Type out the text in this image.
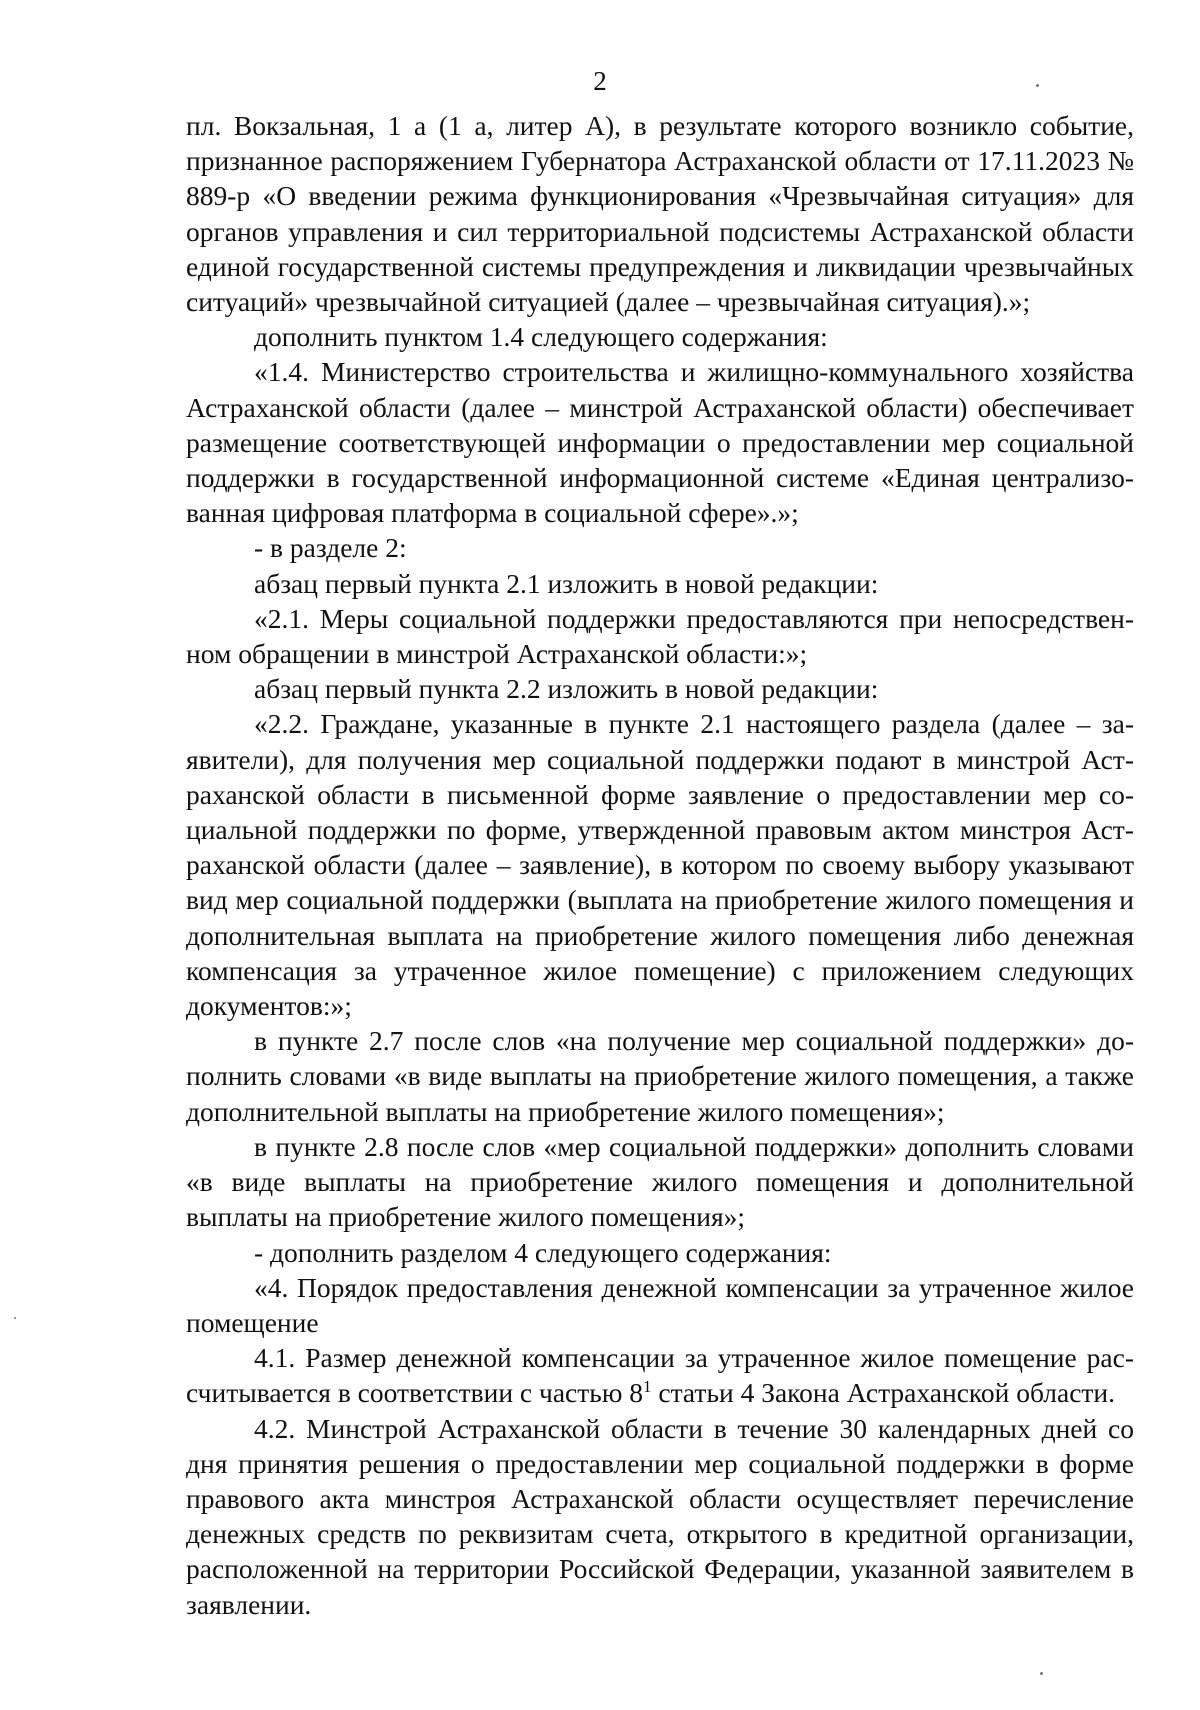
2

пл. Вокзальная, 1 а (1 а, литер А), в результате которого возникло событие, признанное распоряжением Губернатора Астраханской области от 17.11.2023 № 889-р «О введении режима функционирования «Чрезвычайная ситуация» для органов управления и сил территориальной подсистемы Астраханской области единой государственной системы предупреждения и ликвидации чрезвычайных ситуаций» чрезвычайной ситуацией (далее – чрезвычайная ситуация).»;

дополнить пунктом 1.4 следующего содержания:

«1.4. Министерство строительства и жилищно-коммунального хозяйства Астраханской области (далее – минстрой Астраханской области) обеспечивает размещение соответствующей информации о предоставлении мер социальной поддержки в государственной информационной системе «Единая централизованная цифровая платформа в социальной сфере».»;

- в разделе 2:

абзац первый пункта 2.1 изложить в новой редакции:

«2.1. Меры социальной поддержки предоставляются при непосредственном обращении в минстрой Астраханской области:»;

абзац первый пункта 2.2 изложить в новой редакции:

«2.2. Граждане, указанные в пункте 2.1 настоящего раздела (далее – заявители), для получения мер социальной поддержки подают в минстрой Астраханской области в письменной форме заявление о предоставлении мер социальной поддержки по форме, утвержденной правовым актом минстроя Астраханской области (далее – заявление), в котором по своему выбору указывают вид мер социальной поддержки (выплата на приобретение жилого помещения и дополнительная выплата на приобретение жилого помещения либо денежная компенсация за утраченное жилое помещение) с приложением следующих документов:»;

в пункте 2.7 после слов «на получение мер социальной поддержки» дополнить словами «в виде выплаты на приобретение жилого помещения, а также дополнительной выплаты на приобретение жилого помещения»;

в пункте 2.8 после слов «мер социальной поддержки» дополнить словами «в виде выплаты на приобретение жилого помещения и дополнительной выплаты на приобретение жилого помещения»;

- дополнить разделом 4 следующего содержания:

«4. Порядок предоставления денежной компенсации за утраченное жилое помещение

4.1. Размер денежной компенсации за утраченное жилое помещение рассчитывается в соответствии с частью $8^1$ статьи 4 Закона Астраханской области.

4.2. Минстрой Астраханской области в течение 30 календарных дней со дня принятия решения о предоставлении мер социальной поддержки в форме правового акта минстроя Астраханской области осуществляет перечисление денежных средств по реквизитам счета, открытого в кредитной организации, расположенной на территории Российской Федерации, указанной заявителем в заявлении.
